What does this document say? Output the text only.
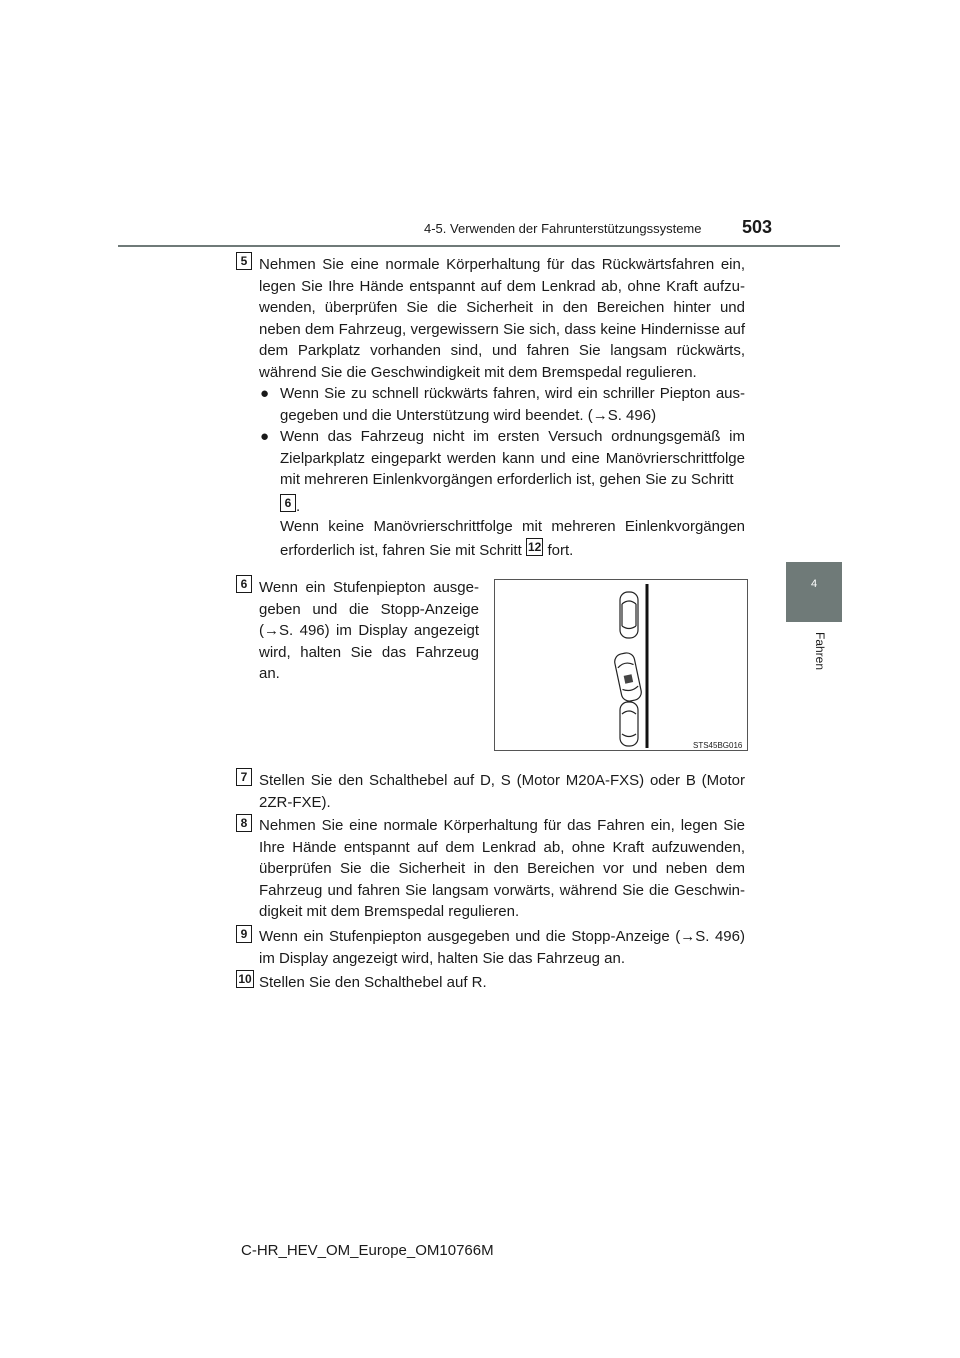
4-5. Verwenden der Fahrunterstützungssysteme 503
4
Fahren
5 Nehmen Sie eine normale Körperhaltung für das Rückwärtsfahren ein, legen Sie Ihre Hände entspannt auf dem Lenkrad ab, ohne Kraft aufzu-wenden, überprüfen Sie die Sicherheit in den Bereichen hinter und neben dem Fahrzeug, vergewissern Sie sich, dass keine Hindernisse auf dem Parkplatz vorhanden sind, und fahren Sie langsam rückwärts, während Sie die Geschwindigkeit mit dem Bremspedal regulieren.
● Wenn Sie zu schnell rückwärts fahren, wird ein schriller Piepton aus-gegeben und die Unterstützung wird beendet. (→S. 496)
● Wenn das Fahrzeug nicht im ersten Versuch ordnungsgemäß im Zielparkplatz eingeparkt werden kann und eine Manövrierschrittfolge mit mehreren Einlenkvorgängen erforderlich ist, gehen Sie zu Schritt
6 .
Wenn keine Manövrierschrittfolge mit mehreren Einlenkvorgängen erforderlich ist, fahren Sie mit Schritt 12 fort.
6 Wenn ein Stufenpiepton ausge-geben und die Stopp-Anzeige (→S. 496) im Display angezeigt wird, halten Sie das Fahrzeug an.
STS45BG016
7 Stellen Sie den Schalthebel auf D, S (Motor M20A-FXS) oder B (Motor 2ZR-FXE).
8 Nehmen Sie eine normale Körperhaltung für das Fahren ein, legen Sie Ihre Hände entspannt auf dem Lenkrad ab, ohne Kraft aufzuwenden, überprüfen Sie die Sicherheit in den Bereichen vor und neben dem Fahrzeug und fahren Sie langsam vorwärts, während Sie die Geschwin-digkeit mit dem Bremspedal regulieren.
9 Wenn ein Stufenpiepton ausgegeben und die Stopp-Anzeige (→S. 496) im Display angezeigt wird, halten Sie das Fahrzeug an.
10 Stellen Sie den Schalthebel auf R.
C-HR_HEV_OM_Europe_OM10766M
